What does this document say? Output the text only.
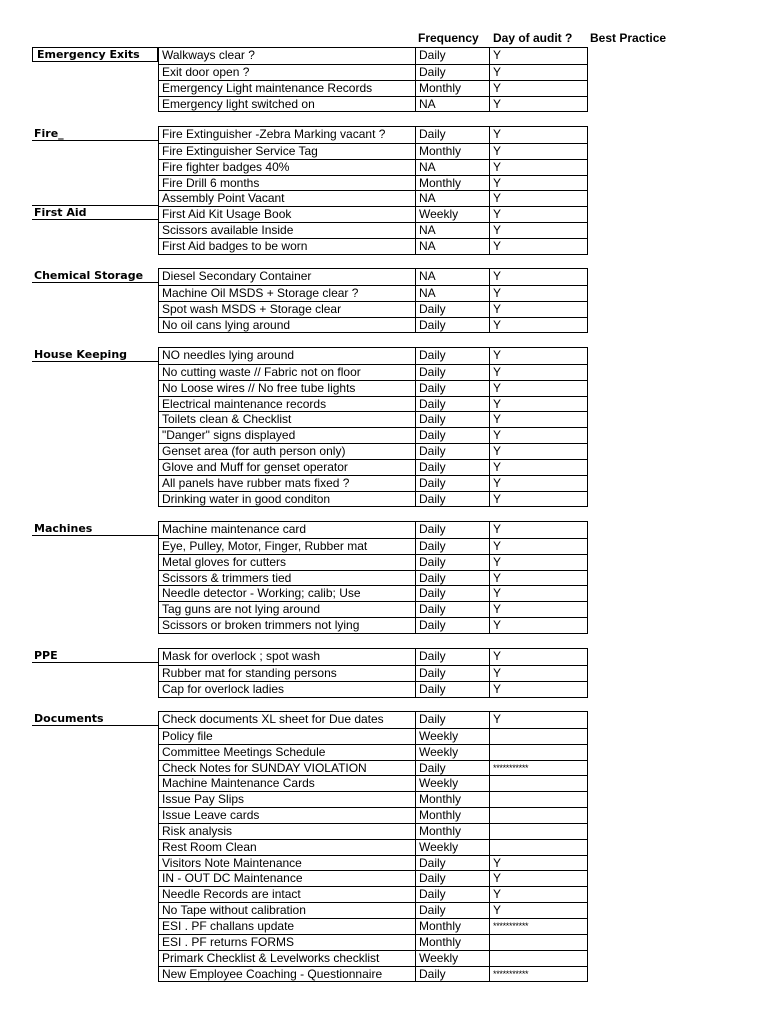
Frequency Day of audit ? Best Practice
Emergency Exits	Walkways clear ?	Daily	Y
Exit door open ?	Daily	Y
Emergency Light maintenance Records	Monthly	Y
Emergency light switched on	NA	Y
Fire_
First Aid
Fire Extinguisher -Zebra Marking vacant ?	Daily	Y
Fire Extinguisher Service Tag	Monthly	Y
Fire fighter badges 40%	NA	Y
Fire Drill 6 months	Monthly	Y
Assembly Point Vacant	NA	Y
First Aid Kit Usage Book	Weekly	Y
Scissors available Inside	NA	Y
First Aid badges to be worn	NA	Y
Chemical Storage	Diesel Secondary Container	NA	Y
Machine Oil MSDS + Storage clear ?	NA	Y
Spot wash MSDS + Storage clear	Daily	Y
No oil cans lying around	Daily	Y
House Keeping	NO needles lying around	Daily	Y
No cutting waste // Fabric not on floor	Daily	Y
No Loose wires // No free tube lights	Daily	Y
Electrical maintenance records	Daily	Y
Toilets clean & Checklist	Daily	Y
"Danger" signs displayed	Daily	Y
Genset area (for auth person only)	Daily	Y
Glove and Muff for genset operator	Daily	Y
All panels have rubber mats fixed ?	Daily	Y
Drinking water in good conditon	Daily	Y
Machines	Machine maintenance card	Daily	Y
Eye, Pulley, Motor, Finger, Rubber mat	Daily	Y
Metal gloves for cutters	Daily	Y
Scissors & trimmers tied	Daily	Y
Needle detector - Working; calib; Use	Daily	Y
Tag guns are not lying around	Daily	Y
Scissors or broken trimmers not lying	Daily	Y
PPE	Mask for overlock ; spot wash	Daily	Y
Rubber mat for standing persons	Daily	Y
Cap for overlock ladies	Daily	Y
Documents	Check documents XL sheet for Due dates	Daily	Y
Policy file	Weekly
Committee Meetings Schedule	Weekly
Check Notes for SUNDAY VIOLATION	Daily	***********
Machine Maintenance Cards	Weekly
Issue Pay Slips	Monthly
Issue Leave cards	Monthly
Risk analysis	Monthly
Rest Room Clean	Weekly
Visitors Note Maintenance	Daily	Y
IN - OUT DC Maintenance	Daily	Y
Needle Records are intact	Daily	Y
No Tape without calibration	Daily	Y
ESI . PF challans update	Monthly	***********
ESI . PF returns FORMS	Monthly
Primark Checklist & Levelworks checklist	Weekly
New Employee Coaching - Questionnaire	Daily	***********
